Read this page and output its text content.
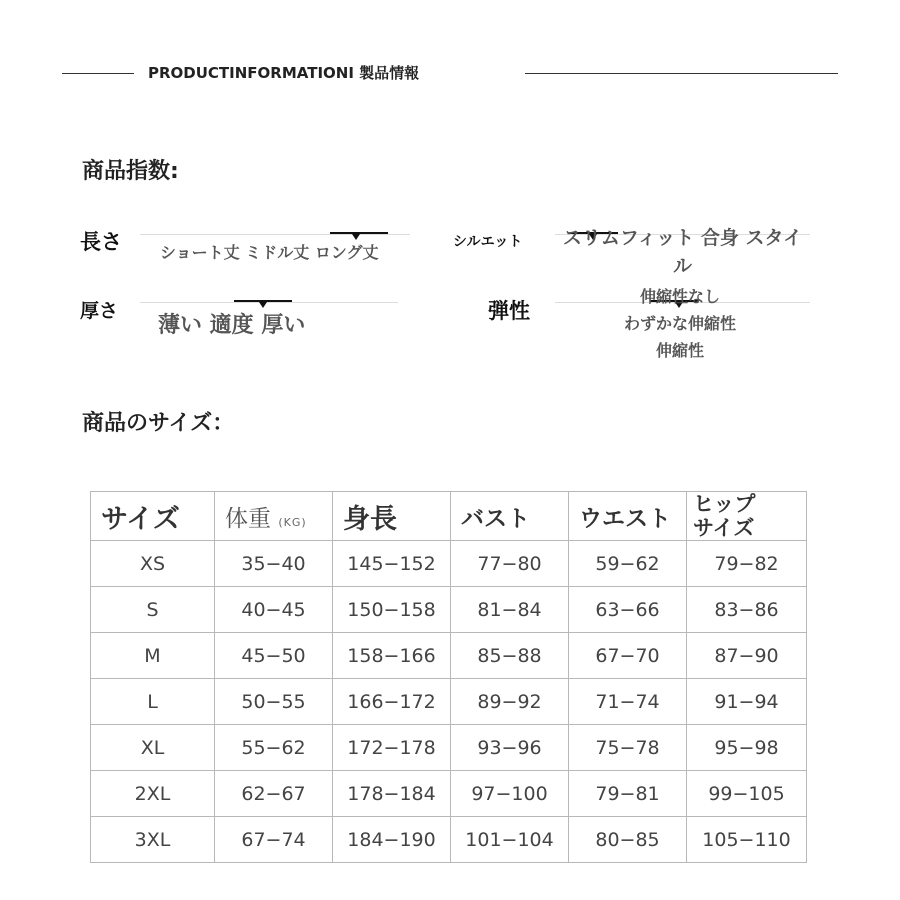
PRODUCTINFORMATIONI 製品情報
商品指数:
長さ ショート丈 ミドル丈 ロング丈
シルエット	スリムフィット 合身 スタイル
厚さ
薄い 適度 厚い
弾性
伸縮性なし
わずかな伸縮性
伸縮性
商品のサイズ：
サイズ	体重 (KG)	身長	バスト	ウエスト	ヒップサイズ
XS	35−40	145−152	77−80	59−62	79−82
S	40−45	150−158	81−84	63−66	83−86
M	45−50	158−166	85−88	67−70	87−90
L	50−55	166−172	89−92	71−74	91−94
XL	55−62	172−178	93−96	75−78	95−98
2XL	62−67	178−184	97−100	79−81	99−105
3XL	67−74	184−190	101−104	80−85	105−110
